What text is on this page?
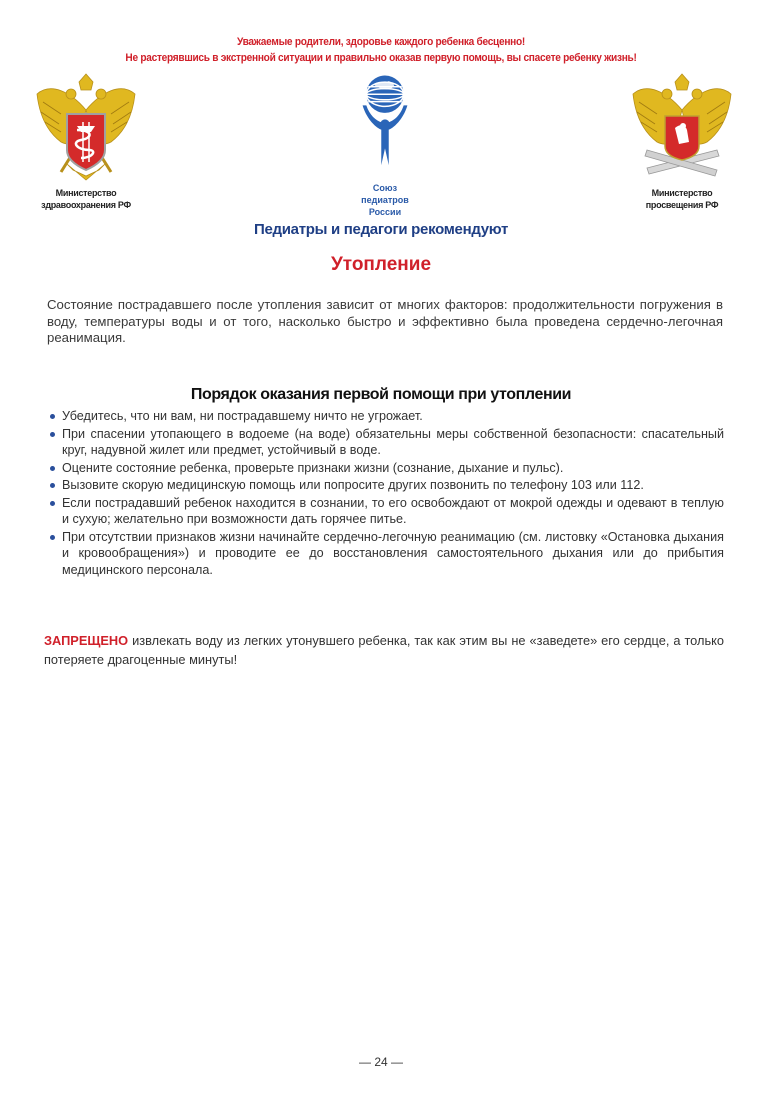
Уважаемые родители, здоровье каждого ребенка бесценно!
Не растерявшись в экстренной ситуации и правильно оказав первую помощь, вы спасете ребенку жизнь!
Министерство
здравоохранения РФ
Союз
педиатров
России
Министерство
просвещения РФ
Педиатры и педагоги рекомендуют
Утопление
Состояние пострадавшего после утопления зависит от многих факторов: продолжительности погружения в воду, температуры воды и от того, насколько быстро и эффективно была проведена сердечно-легочная реанимация.
Порядок оказания первой помощи при утоплении
Убедитесь, что ни вам, ни пострадавшему ничто не угрожает.
При спасении утопающего в водоеме (на воде) обязательны меры собственной безопасности: спасательный круг, надувной жилет или предмет, устойчивый в воде.
Оцените состояние ребенка, проверьте признаки жизни (сознание, дыхание и пульс).
Вызовите скорую медицинскую помощь или попросите других позвонить по телефону 103 или 112.
Если пострадавший ребенок находится в сознании, то его освобождают от мокрой одежды и одевают в теплую и сухую; желательно при возможности дать горячее питье.
При отсутствии признаков жизни начинайте сердечно-легочную реанимацию (см. листовку «Остановка дыхания и кровообращения») и проводите ее до восстановления самостоятельного дыхания или до прибытия медицинского персонала.
ЗАПРЕЩЕНО извлекать воду из легких утонувшего ребенка, так как этим вы не «заведете» его сердце, а только потеряете драгоценные минуты!
— 24 —
